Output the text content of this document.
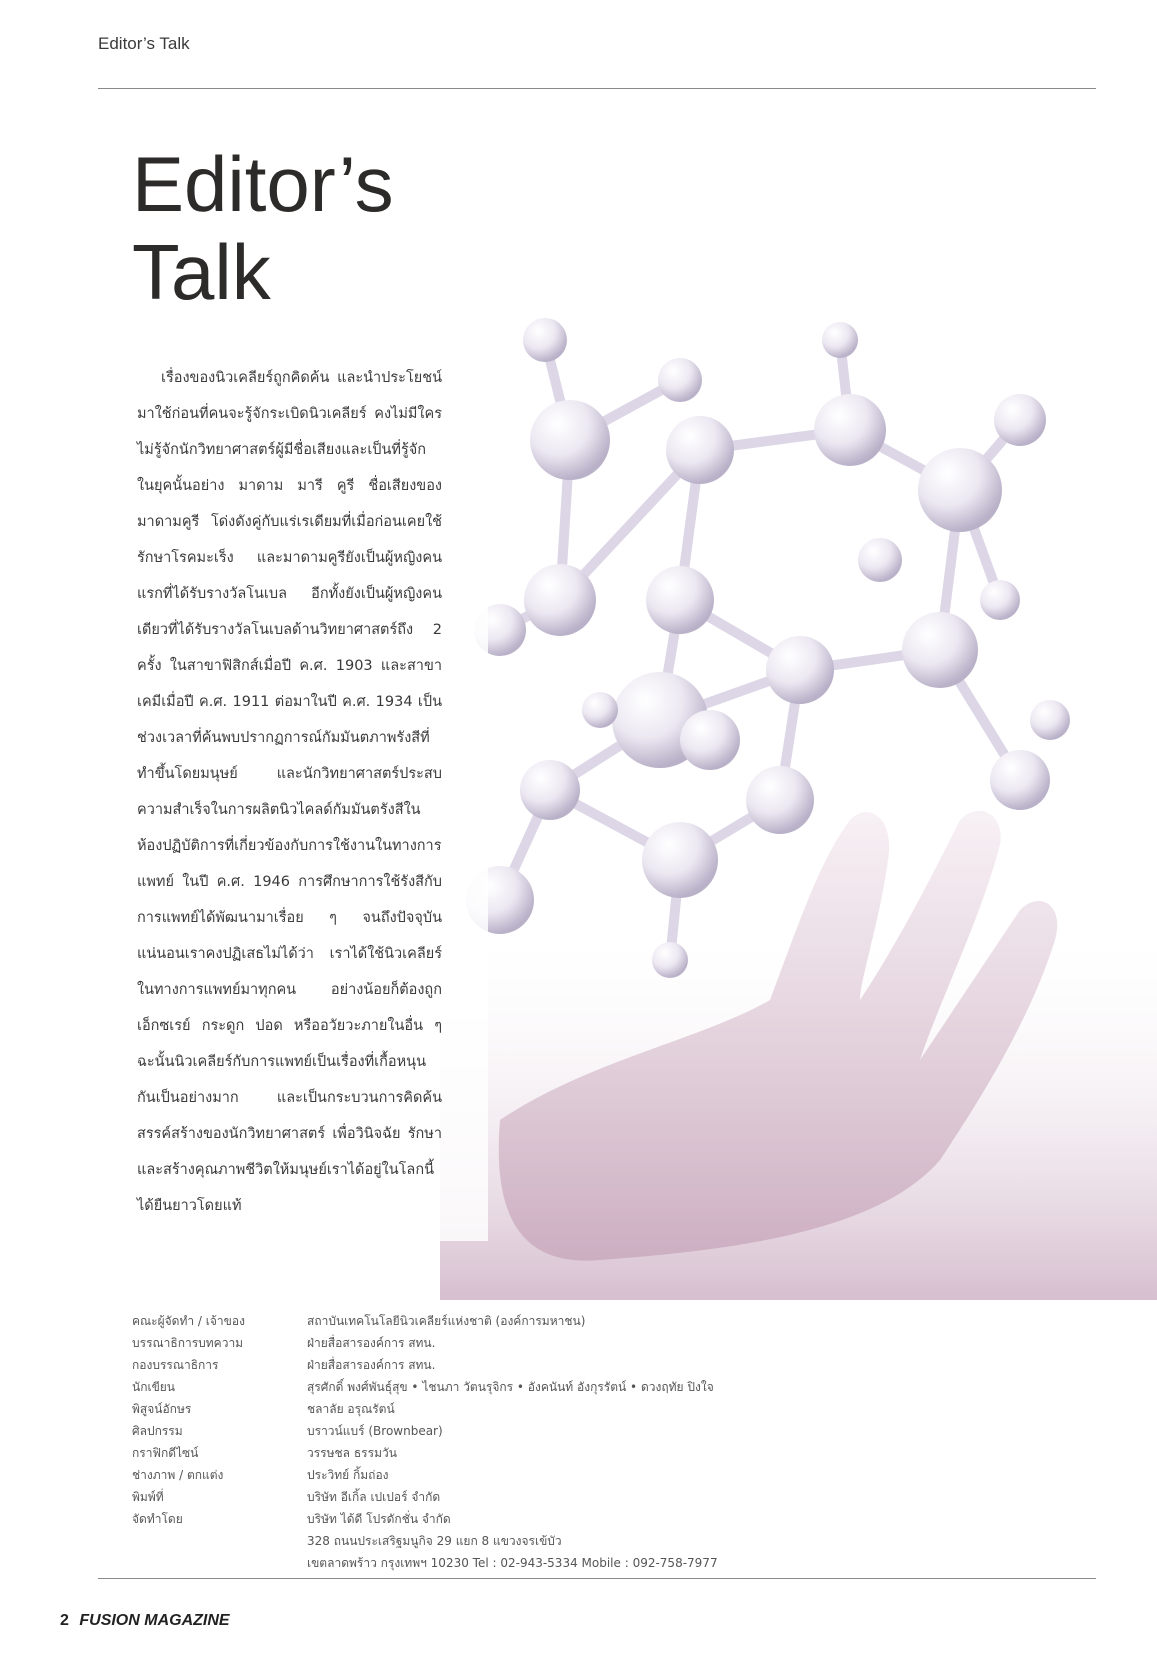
Editor’s Talk
Editor’s
Talk

เรื่องของนิวเคลียร์ถูกคิดค้น และนำประโยชน์มาใช้ก่อนที่คนจะรู้จักระเบิดนิวเคลียร์ คงไม่มีใครไม่รู้จักนักวิทยาศาสตร์ผู้มีชื่อเสียงและเป็นที่รู้จักในยุคนั้นอย่าง มาดาม มารี คูรี ชื่อเสียงของ มาดามคูรี โด่งดังคู่กับแร่เรเดียมที่เมื่อก่อนเคยใช้รักษาโรคมะเร็ง และมาดามคูรียังเป็นผู้หญิงคนแรกที่ได้รับรางวัลโนเบล อีกทั้งยังเป็นผู้หญิงคนเดียวที่ได้รับรางวัลโนเบลด้านวิทยาศาสตร์ถึง 2 ครั้ง ในสาขาฟิสิกส์เมื่อปี ค.ศ. 1903 และสาขาเคมีเมื่อปี ค.ศ. 1911 ต่อมาในปี ค.ศ. 1934 เป็นช่วงเวลาที่ค้นพบปรากฏการณ์กัมมันตภาพรังสีที่ทำขึ้นโดยมนุษย์ และนักวิทยาศาสตร์ประสบความสำเร็จในการผลิตนิวไคลด์กัมมันตรังสีในห้องปฏิบัติการที่เกี่ยวข้องกับการใช้งานในทางการแพทย์ ในปี ค.ศ. 1946 การศึกษาการใช้รังสีกับการแพทย์ได้พัฒนามาเรื่อย ๆ จนถึงปัจจุบัน แน่นอนเราคงปฏิเสธไม่ได้ว่า เราได้ใช้นิวเคลียร์ในทางการแพทย์มาทุกคน อย่างน้อยก็ต้องถูกเอ็กซเรย์ กระดูก ปอด หรืออวัยวะภายในอื่น ๆ ฉะนั้นนิวเคลียร์กับการแพทย์เป็นเรื่องที่เกื้อหนุนกันเป็นอย่างมาก และเป็นกระบวนการคิดค้น สรรค์สร้างของนักวิทยาศาสตร์ เพื่อวินิจฉัย รักษา และสร้างคุณภาพชีวิตให้มนุษย์เราได้อยู่ในโลกนี้ได้ยืนยาวโดยแท้

คณะผู้จัดทำ / เจ้าของ	สถาบันเทคโนโลยีนิวเคลียร์แห่งชาติ (องค์การมหาชน)
บรรณาธิการบทความ	ฝ่ายสื่อสารองค์การ สทน.
กองบรรณาธิการ	ฝ่ายสื่อสารองค์การ สทน.
นักเขียน	สุรศักดิ์ พงศ์พันธุ์สุข • ไชนภา วัตนรุจิกร • อังคนันท์ อังกุรรัตน์ • ดวงฤทัย ปิงใจ
พิสูจน์อักษร	ชลาลัย อรุณรัตน์
ศิลปกรรม	บราวน์แบร์ (Brownbear)
กราฟิกดีไซน์	วรรษชล ธรรมวัน
ช่างภาพ / ตกแต่ง	ประวิทย์ กิ้มถ่อง
พิมพ์ที่	บริษัท อีเกิ้ล เปเปอร์ จำกัด
จัดทำโดย	บริษัท ได้ดี โปรดักชั่น จำกัด
328 ถนนประเสริฐมนูกิจ 29 แยก 8 แขวงจรเข้บัว
เขตลาดพร้าว กรุงเทพฯ 10230 Tel : 02-943-5334 Mobile : 092-758-7977
2 FUSION MAGAZINE
